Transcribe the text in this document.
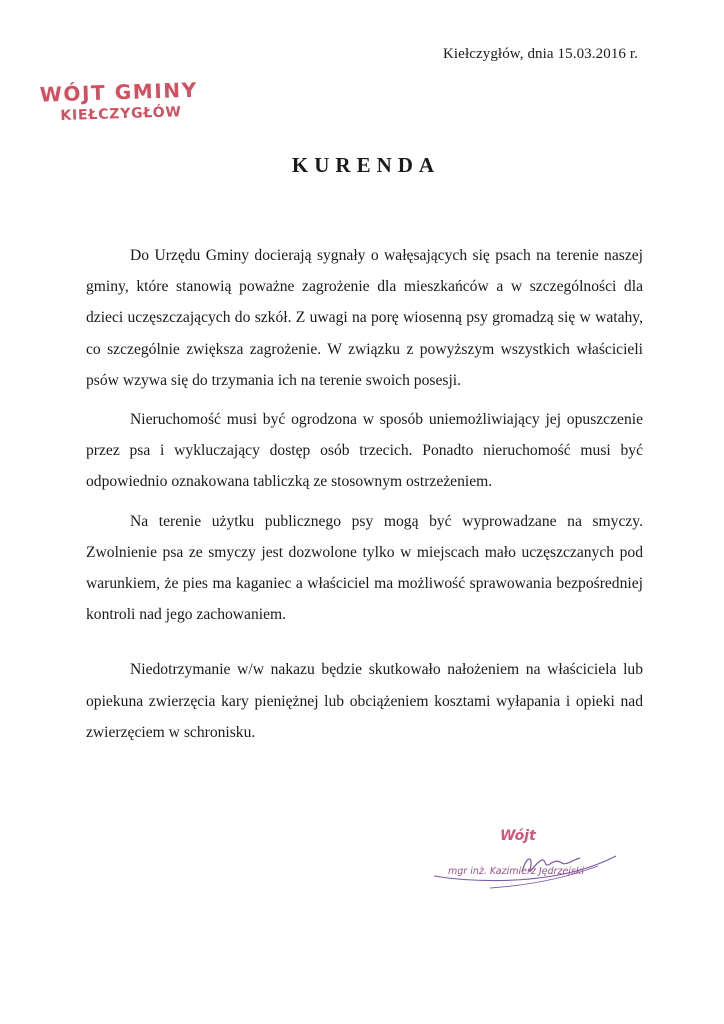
Kiełczygłów, dnia 15.03.2016 r.
WÓJT GMINY
KIEŁCZYGŁÓW
KURENDA

Do Urzędu Gminy docierają sygnały o wałęsających się psach na terenie naszej gminy, które stanowią poważne zagrożenie dla mieszkańców a w szczególności dla dzieci uczęszczających do szkół. Z uwagi na porę wiosenną psy gromadzą się w watahy, co szczególnie zwiększa zagrożenie. W związku z powyższym wszystkich właścicieli psów wzywa się do trzymania ich na terenie swoich posesji.

Nieruchomość musi być ogrodzona w sposób uniemożliwiający jej opuszczenie przez psa i wykluczający dostęp osób trzecich. Ponadto nieruchomość musi być odpowiednio oznakowana tabliczką ze stosownym ostrzeżeniem.

Na terenie użytku publicznego psy mogą być wyprowadzane na smyczy. Zwolnienie psa ze smyczy jest dozwolone tylko w miejscach mało uczęszczanych pod warunkiem, że pies ma kaganiec a właściciel ma możliwość sprawowania bezpośredniej kontroli nad jego zachowaniem.

Niedotrzymanie w/w nakazu będzie skutkowało nałożeniem na właściciela lub opiekuna zwierzęcia kary pieniężnej lub obciążeniem kosztami wyłapania i opieki nad zwierzęciem w schronisku.

Wójt
mgr inż. Kazimierz Jędrzejski
